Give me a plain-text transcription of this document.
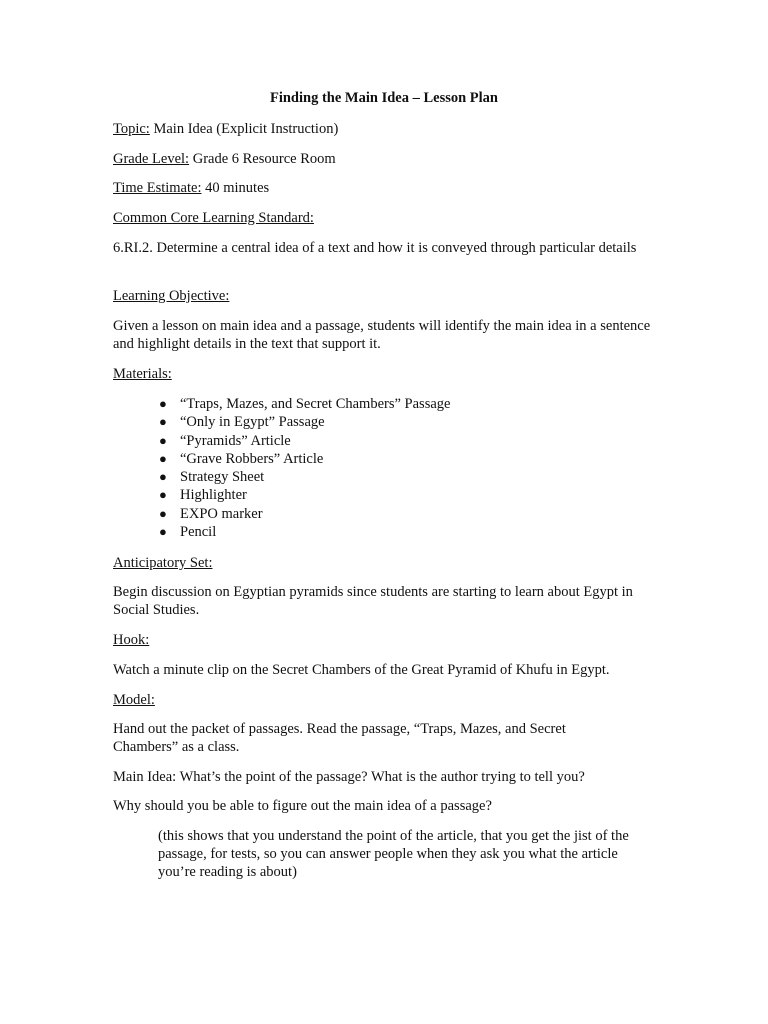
Finding the Main Idea – Lesson Plan
Topic: Main Idea (Explicit Instruction)
Grade Level: Grade 6 Resource Room
Time Estimate: 40 minutes
Common Core Learning Standard:
6.RI.2. Determine a central idea of a text and how it is conveyed through particular details
Learning Objective:
Given a lesson on main idea and a passage, students will identify the main idea in a sentence and highlight details in the text that support it.
Materials:
● “Traps, Mazes, and Secret Chambers” Passage
● “Only in Egypt” Passage
● “Pyramids” Article
● “Grave Robbers” Article
● Strategy Sheet
● Highlighter
● EXPO marker
● Pencil
Anticipatory Set:
Begin discussion on Egyptian pyramids since students are starting to learn about Egypt in Social Studies.
Hook:
Watch a minute clip on the Secret Chambers of the Great Pyramid of Khufu in Egypt.
Model:
Hand out the packet of passages. Read the passage, “Traps, Mazes, and Secret Chambers” as a class.
Main Idea: What’s the point of the passage? What is the author trying to tell you?
Why should you be able to figure out the main idea of a passage?
(this shows that you understand the point of the article, that you get the jist of the passage, for tests, so you can answer people when they ask you what the article you’re reading is about)
